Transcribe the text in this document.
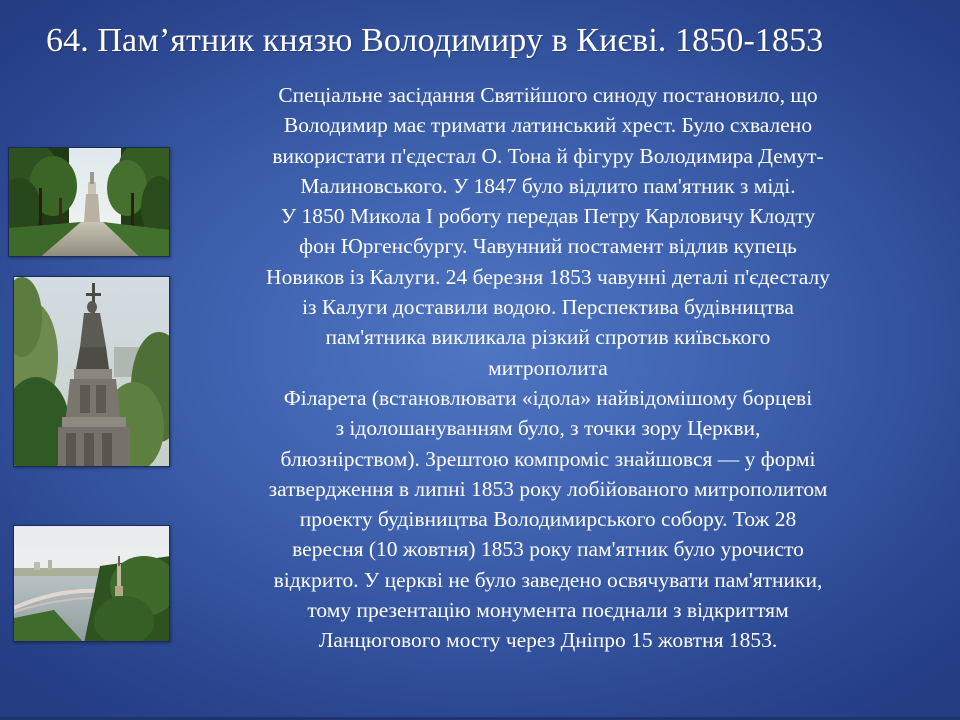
64. Пам’ятник князю Володимиру в Києві. 1850-1853
Спеціальне засідання Святійшого синоду постановило, що
Володимир має тримати латинський хрест. Було схвалено
використати п'єдестал О. Тона й фігуру Володимира Демут-
Малиновського. У 1847 було відлито пам'ятник з міді.
У 1850 Микола I роботу передав Петру Карловичу Клодту
фон Юргенсбургу. Чавунний постамент відлив купець
Новиков із Калуги. 24 березня 1853 чавунні деталі п'єдесталу
із Калуги доставили водою. Перспектива будівництва
пам'ятника викликала різкий спротив київського
митрополита
Філарета (встановлювати «ідола» найвідомішому борцеві
з ідолошануванням було, з точки зору Церкви,
блюзнірством). Зрештою компроміс знайшовся — у формі
затвердження в липні 1853 року лобійованого митрополитом
проекту будівництва Володимирського собору. Тож 28
вересня (10 жовтня) 1853 року пам'ятник було урочисто
відкрито. У церкві не було заведено освячувати пам'ятники,
тому презентацію монумента поєднали з відкриттям
Ланцюгового мосту через Дніпро 15 жовтня 1853.
